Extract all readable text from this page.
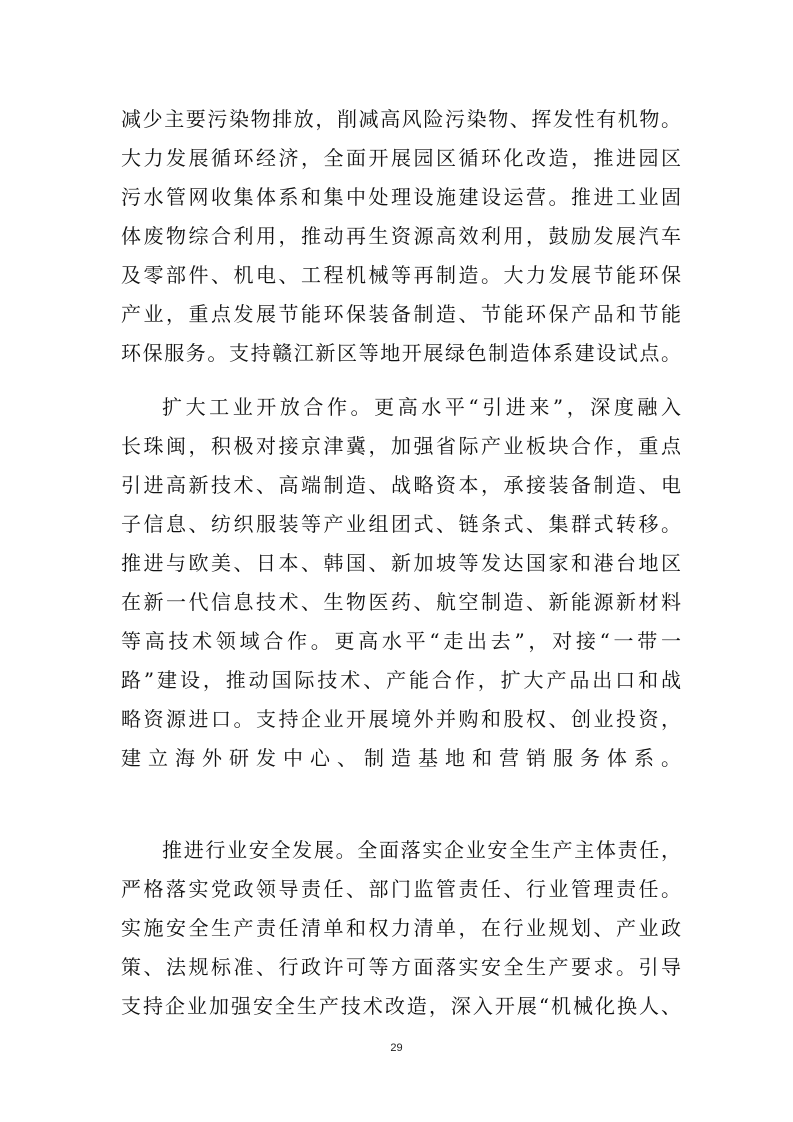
减少主要污染物排放，削减高风险污染物、挥发性有机物。
大力发展循环经济，全面开展园区循环化改造，推进园区
污水管网收集体系和集中处理设施建设运营。推进工业固
体废物综合利用，推动再生资源高效利用，鼓励发展汽车
及零部件、机电、工程机械等再制造。大力发展节能环保
产业，重点发展节能环保装备制造、节能环保产品和节能
环保服务。支持赣江新区等地开展绿色制造体系建设试点。
扩大工业开放合作。更高水平“引进来”，深度融入
长珠闽，积极对接京津冀，加强省际产业板块合作，重点
引进高新技术、高端制造、战略资本，承接装备制造、电
子信息、纺织服装等产业组团式、链条式、集群式转移。
推进与欧美、日本、韩国、新加坡等发达国家和港台地区
在新一代信息技术、生物医药、航空制造、新能源新材料
等高技术领域合作。更高水平“走出去”，对接“一带一
路”建设，推动国际技术、产能合作，扩大产品出口和战
略资源进口。支持企业开展境外并购和股权、创业投资，
建立海外研发中心、制造基地和营销服务体系。
推进行业安全发展。全面落实企业安全生产主体责任，
严格落实党政领导责任、部门监管责任、行业管理责任。
实施安全生产责任清单和权力清单，在行业规划、产业政
策、法规标准、行政许可等方面落实安全生产要求。引导
支持企业加强安全生产技术改造，深入开展“机械化换人、
29
